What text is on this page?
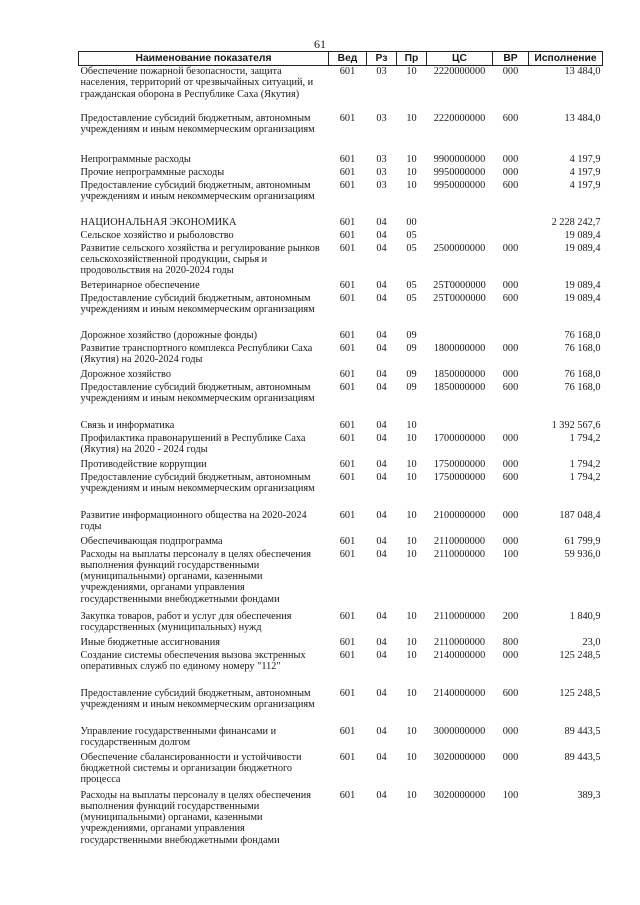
61
Наименование показателя	Вед	Рз	Пр	ЦС	ВР	Исполнение
Обеспечение пожарной безопасности, защита населения, территорий от чрезвычайных ситуаций, и гражданская оборона в Республике Саха (Якутия)	601	03	10	2220000000	000	13 484,0
Предоставление субсидий бюджетным, автономным учреждениям и иным некоммерческим организациям	601	03	10	2220000000	600	13 484,0
Непрограммные расходы	601	03	10	9900000000	000	4 197,9
Прочие непрограммные расходы	601	03	10	9950000000	000	4 197,9
Предоставление субсидий бюджетным, автономным учреждениям и иным некоммерческим организациям	601	03	10	9950000000	600	4 197,9
НАЦИОНАЛЬНАЯ ЭКОНОМИКА	601	04	00			2 228 242,7
Сельское хозяйство и рыболовство	601	04	05			19 089,4
Развитие сельского хозяйства и регулирование рынков сельскохозяйственной продукции, сырья и продовольствия на 2020-2024 годы	601	04	05	2500000000	000	19 089,4
Ветеринарное обеспечение	601	04	05	25Т0000000	000	19 089,4
Предоставление субсидий бюджетным, автономным учреждениям и иным некоммерческим организациям	601	04	05	25Т0000000	600	19 089,4
Дорожное хозяйство (дорожные фонды)	601	04	09			76 168,0
Развитие транспортного комплекса Республики Саха (Якутия) на 2020-2024 годы	601	04	09	1800000000	000	76 168,0
Дорожное хозяйство	601	04	09	1850000000	000	76 168,0
Предоставление субсидий бюджетным, автономным учреждениям и иным некоммерческим организациям	601	04	09	1850000000	600	76 168,0
Связь и информатика	601	04	10			1 392 567,6
Профилактика правонарушений в Республике Саха (Якутия) на 2020 - 2024 годы	601	04	10	1700000000	000	1 794,2
Противодействие коррупции	601	04	10	1750000000	000	1 794,2
Предоставление субсидий бюджетным, автономным учреждениям и иным некоммерческим организациям	601	04	10	1750000000	600	1 794,2
Развитие информационного общества на 2020-2024 годы	601	04	10	2100000000	000	187 048,4
Обеспечивающая подпрограмма	601	04	10	2110000000	000	61 799,9
Расходы на выплаты персоналу в целях обеспечения выполнения функций государственными (муниципальными) органами, казенными учреждениями, органами управления государственными внебюджетными фондами	601	04	10	2110000000	100	59 936,0
Закупка товаров, работ и услуг для обеспечения государственных (муниципальных) нужд	601	04	10	2110000000	200	1 840,9
Иные бюджетные ассигнования	601	04	10	2110000000	800	23,0
Создание системы обеспечения вызова экстренных оперативных служб по единому номеру "112"	601	04	10	2140000000	000	125 248,5
Предоставление субсидий бюджетным, автономным учреждениям и иным некоммерческим организациям	601	04	10	2140000000	600	125 248,5
Управление государственными финансами и государственным долгом	601	04	10	3000000000	000	89 443,5
Обеспечение сбалансированности и устойчивости бюджетной системы и организации бюджетного процесса	601	04	10	3020000000	000	89 443,5
Расходы на выплаты персоналу в целях обеспечения выполнения функций государственными (муниципальными) органами, казенными учреждениями, органами управления государственными внебюджетными фондами	601	04	10	3020000000	100	389,3
